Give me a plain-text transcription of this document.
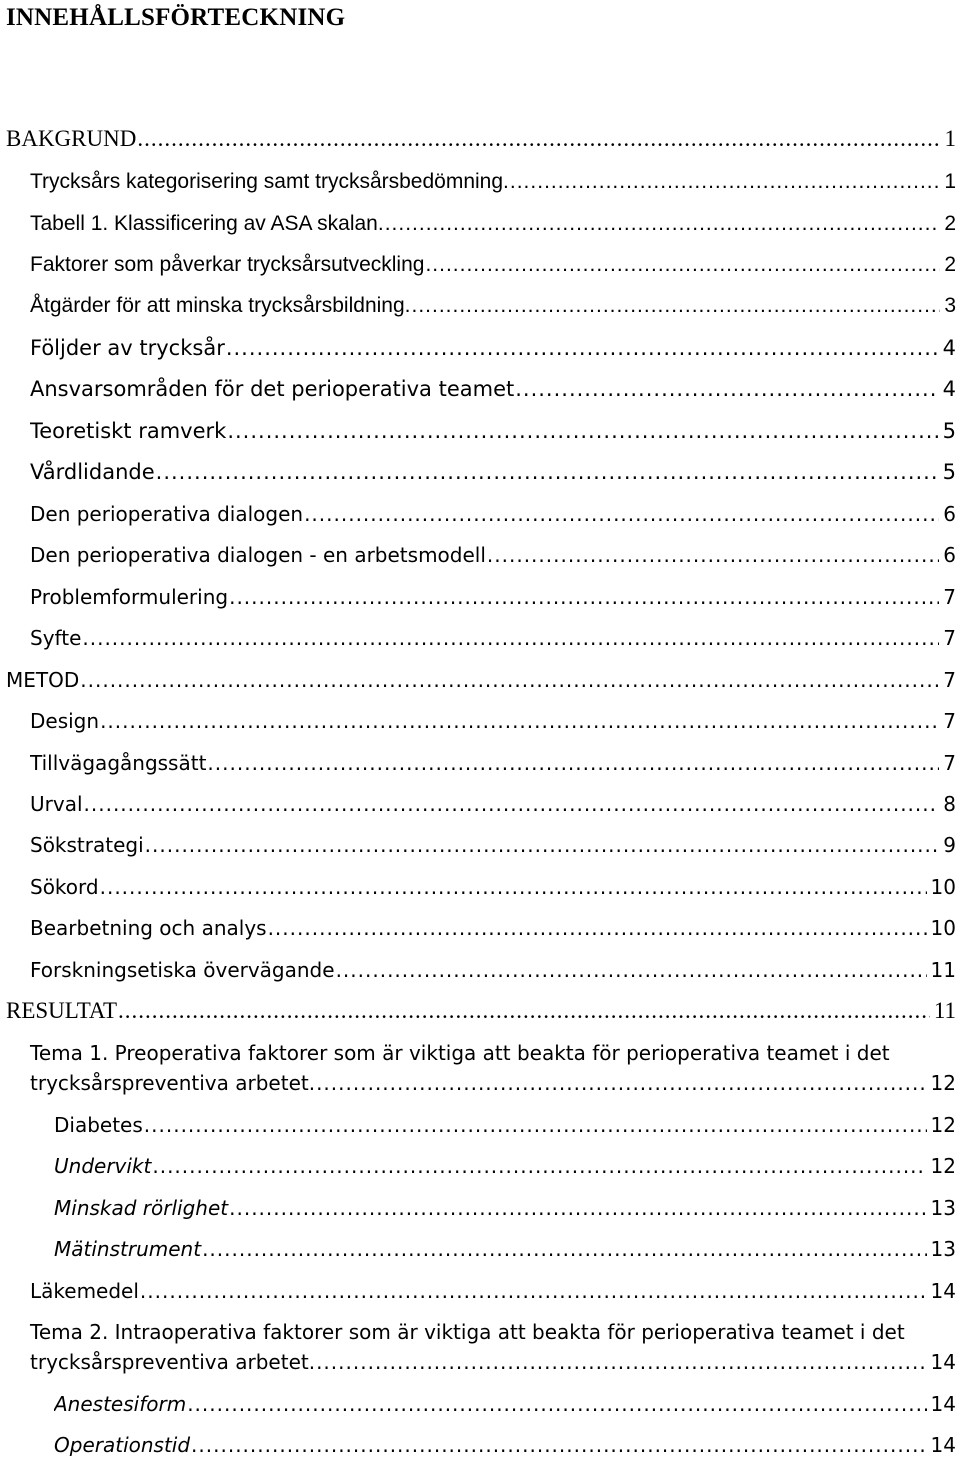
INNEHÅLLSFÖRTECKNING
BAKGRUND .....	1
Trycksårs kategorisering samt trycksårsbedömning. .....	1
Tabell 1. Klassificering av ASA skalan. .....	2
Faktorer som påverkar trycksårsutveckling .....	2
Åtgärder för att minska trycksårsbildning. .....	3
Följder av trycksår .....	4
Ansvarsområden för det perioperativa teamet .....	4
Teoretiskt ramverk .....	5
Vårdlidande .....	5
Den perioperativa dialogen .....	6
Den perioperativa dialogen - en arbetsmodell .....	6
Problemformulering .....	7
Syfte .....	7
METOD .....	7
Design .....	7
Tillvägagångssätt .....	7
Urval .....	8
Sökstrategi .....	9
Sökord .....	10
Bearbetning och analys .....	10
Forskningsetiska övervägande .....	11
RESULTAT .....	11
Tema 1. Preoperativa faktorer som är viktiga att beakta för perioperativa teamet i det
trycksårspreventiva arbetet. .....	12
Diabetes .....	12
Undervikt .....	12
Minskad rörlighet .....	13
Mätinstrument .....	13
Läkemedel .....	14
Tema 2. Intraoperativa faktorer som är viktiga att beakta för perioperativa teamet i det
trycksårspreventiva arbetet. .....	14
Anestesiform .....	14
Operationstid .....	14
